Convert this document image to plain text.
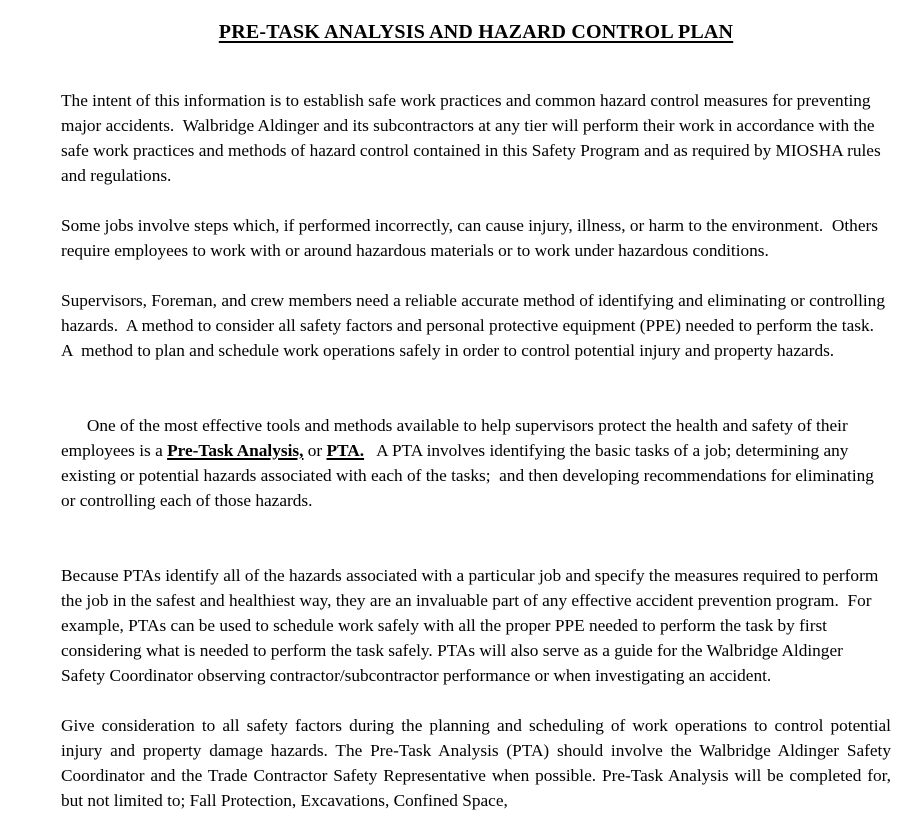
PRE-TASK ANALYSIS AND HAZARD CONTROL PLAN

The intent of this information is to establish safe work practices and common hazard control measures for preventing major accidents.  Walbridge Aldinger and its subcontractors at any tier will perform their work in accordance with the safe work practices and methods of hazard control contained in this Safety Program and as required by MIOSHA rules and regulations.

Some jobs involve steps which, if performed incorrectly, can cause injury, illness, or harm to the environment.  Others require employees to work with or around hazardous materials or to work under hazardous conditions.

Supervisors, Foreman, and crew members need a reliable accurate method of identifying and eliminating or controlling hazards.  A method to consider all safety factors and personal protective equipment (PPE) needed to perform the task.  A  method to plan and schedule work operations safely in order to control potential injury and property hazards.

One of the most effective tools and methods available to help supervisors protect the health and safety of their employees is a Pre-Task Analysis, or PTA.   A PTA involves identifying the basic tasks of a job; determining any existing or potential hazards associated with each of the tasks;  and then developing recommendations for eliminating or controlling each of those hazards.

Because PTAs identify all of the hazards associated with a particular job and specify the measures required to perform the job in the safest and healthiest way, they are an invaluable part of any effective accident prevention program.  For example, PTAs can be used to schedule work safely with all the proper PPE needed to perform the task by first considering what is needed to perform the task safely. PTAs will also serve as a guide for the Walbridge Aldinger Safety Coordinator observing contractor/subcontractor performance or when investigating an accident.

Give consideration to all safety factors during the planning and scheduling of work operations to control potential injury and property damage hazards. The Pre-Task Analysis (PTA) should involve the Walbridge Aldinger Safety Coordinator and the Trade Contractor Safety Representative when possible. Pre-Task Analysis will be completed for, but not limited to; Fall Protection, Excavations, Confined Space,
